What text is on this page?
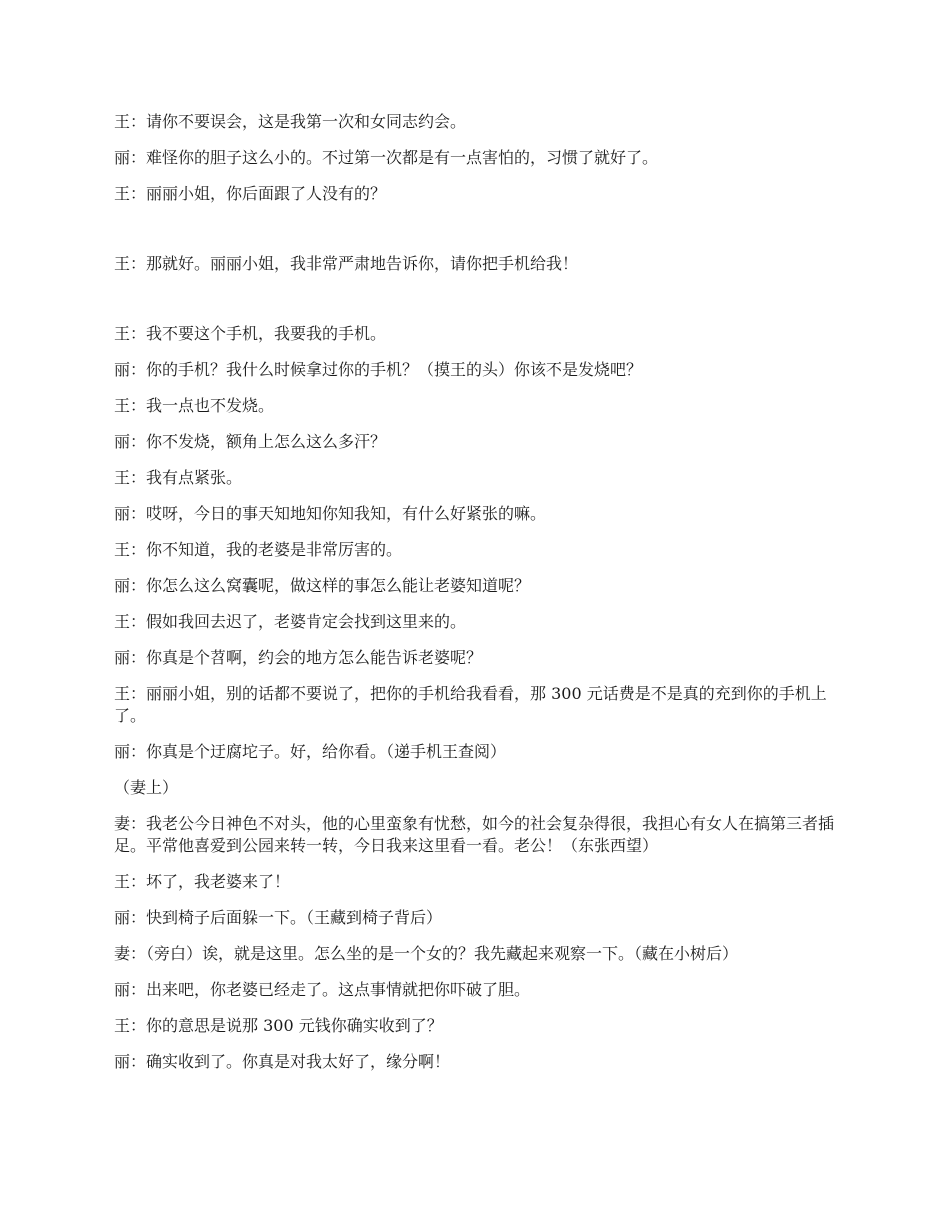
王：请你不要误会，这是我第一次和女同志约会。

丽：难怪你的胆子这么小的。不过第一次都是有一点害怕的，习惯了就好了。

王：丽丽小姐，你后面跟了人没有的？

王：那就好。丽丽小姐，我非常严肃地告诉你，请你把手机给我！

王：我不要这个手机，我要我的手机。

丽：你的手机？我什么时候拿过你的手机？（摸王的头）你该不是发烧吧？

王：我一点也不发烧。

丽：你不发烧，额角上怎么这么多汗？

王：我有点紧张。

丽：哎呀，今日的事天知地知你知我知，有什么好紧张的嘛。

王：你不知道，我的老婆是非常厉害的。

丽：你怎么这么窝囊呢，做这样的事怎么能让老婆知道呢？

王：假如我回去迟了，老婆肯定会找到这里来的。

丽：你真是个苕啊，约会的地方怎么能告诉老婆呢？

王：丽丽小姐，别的话都不要说了，把你的手机给我看看，那 300 元话费是不是真的充到你的手机上了。

丽：你真是个迂腐坨子。好，给你看。（递手机王查阅）

（妻上）

妻：我老公今日神色不对头，他的心里蛮象有忧愁，如今的社会复杂得很，我担心有女人在搞第三者插足。平常他喜爱到公园来转一转，今日我来这里看一看。老公！（东张西望）

王：坏了，我老婆来了！

丽：快到椅子后面躲一下。（王藏到椅子背后）

妻：（旁白）诶，就是这里。怎么坐的是一个女的？我先藏起来观察一下。（藏在小树后）

丽：出来吧，你老婆已经走了。这点事情就把你吓破了胆。

王：你的意思是说那 300 元钱你确实收到了？

丽：确实收到了。你真是对我太好了，缘分啊！
